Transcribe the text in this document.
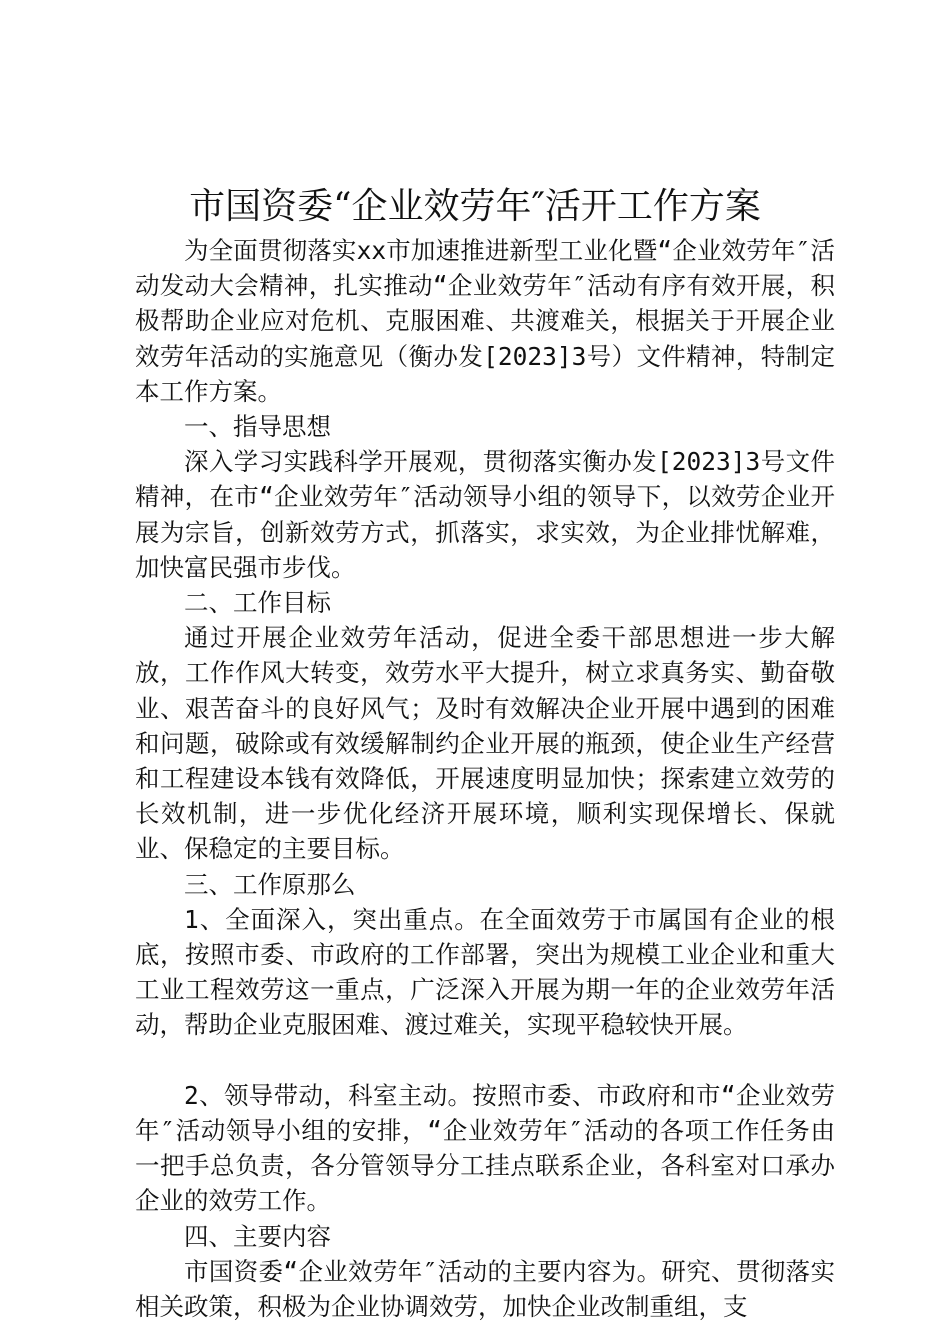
市国资委“企业效劳年″活开工作方案

为全面贯彻落实xx市加速推进新型工业化暨“企业效劳年″活动发动大会精神，扎实推动“企业效劳年″活动有序有效开展，积极帮助企业应对危机、克服困难、共渡难关，根据关于开展企业效劳年活动的实施意见（衡办发[2023]3号）文件精神，特制定本工作方案。

一、指导思想

深入学习实践科学开展观，贯彻落实衡办发[2023]3号文件精神，在市“企业效劳年″活动领导小组的领导下，以效劳企业开展为宗旨，创新效劳方式，抓落实，求实效，为企业排忧解难，加快富民强市步伐。

二、工作目标

通过开展企业效劳年活动，促进全委干部思想进一步大解放，工作作风大转变，效劳水平大提升，树立求真务实、勤奋敬业、艰苦奋斗的良好风气；及时有效解决企业开展中遇到的困难和问题，破除或有效缓解制约企业开展的瓶颈，使企业生产经营和工程建设本钱有效降低，开展速度明显加快；探索建立效劳的长效机制，进一步优化经济开展环境，顺利实现保增长、保就业、保稳定的主要目标。

三、工作原那么

1、全面深入，突出重点。在全面效劳于市属国有企业的根底，按照市委、市政府的工作部署，突出为规模工业企业和重大工业工程效劳这一重点，广泛深入开展为期一年的企业效劳年活动，帮助企业克服困难、渡过难关，实现平稳较快开展。

2、领导带动，科室主动。按照市委、市政府和市“企业效劳年″活动领导小组的安排，“企业效劳年″活动的各项工作任务由一把手总负责，各分管领导分工挂点联系企业，各科室对口承办企业的效劳工作。

四、主要内容

市国资委“企业效劳年″活动的主要内容为。研究、贯彻落实相关政策，积极为企业协调效劳，加快企业改制重组，支
